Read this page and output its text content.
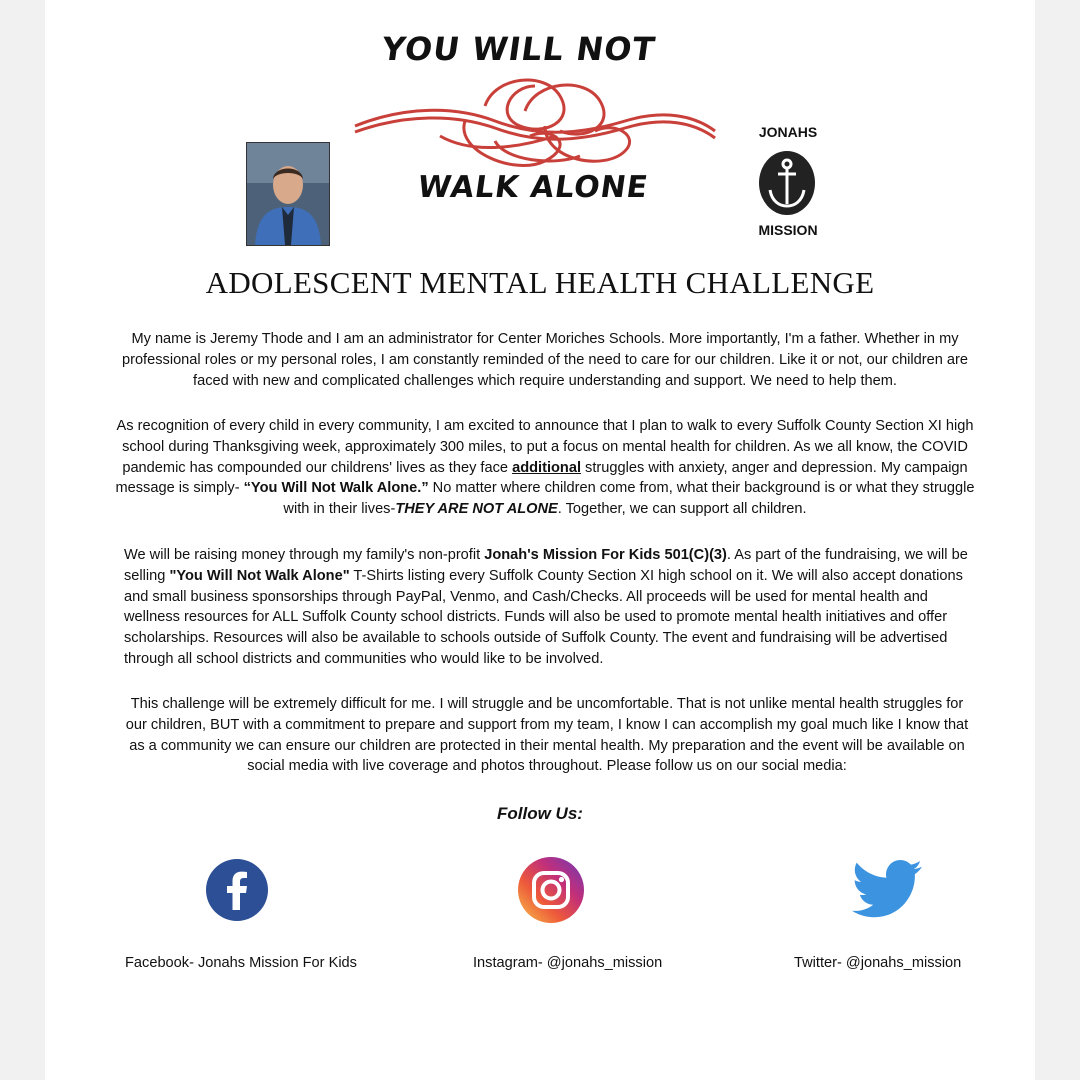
YOU WILL NOT
WALK ALONE
JONAHS
MISSION
ADOLESCENT MENTAL HEALTH CHALLENGE
My name is Jeremy Thode and I am an administrator for Center Moriches Schools. More importantly, I'm a father. Whether in my professional roles or my personal roles, I am constantly reminded of the need to care for our children. Like it or not, our children are faced with new and complicated challenges which require understanding and support. We need to help them.
As recognition of every child in every community, I am excited to announce that I plan to walk to every Suffolk County Section XI high school during Thanksgiving week, approximately 300 miles, to put a focus on mental health for children. As we all know, the COVID pandemic has compounded our childrens' lives as they face additional struggles with anxiety, anger and depression. My campaign message is simply- “You Will Not Walk Alone.” No matter where children come from, what their background is or what they struggle with in their lives-THEY ARE NOT ALONE. Together, we can support all children.
We will be raising money through my family's non-profit Jonah's Mission For Kids 501(C)(3). As part of the fundraising, we will be selling "You Will Not Walk Alone" T-Shirts listing every Suffolk County Section XI high school on it. We will also accept donations and small business sponsorships through PayPal, Venmo, and Cash/Checks. All proceeds will be used for mental health and wellness resources for ALL Suffolk County school districts. Funds will also be used to promote mental health initiatives and offer scholarships. Resources will also be available to schools outside of Suffolk County. The event and fundraising will be advertised through all school districts and communities who would like to be involved.
This challenge will be extremely difficult for me. I will struggle and be uncomfortable. That is not unlike mental health struggles for our children, BUT with a commitment to prepare and support from my team, I know I can accomplish my goal much like I know that as a community we can ensure our children are protected in their mental health. My preparation and the event will be available on social media with live coverage and photos throughout. Please follow us on our social media:
Follow Us:
Facebook- Jonahs Mission For Kids	Instagram- @jonahs_mission	Twitter- @jonahs_mission
